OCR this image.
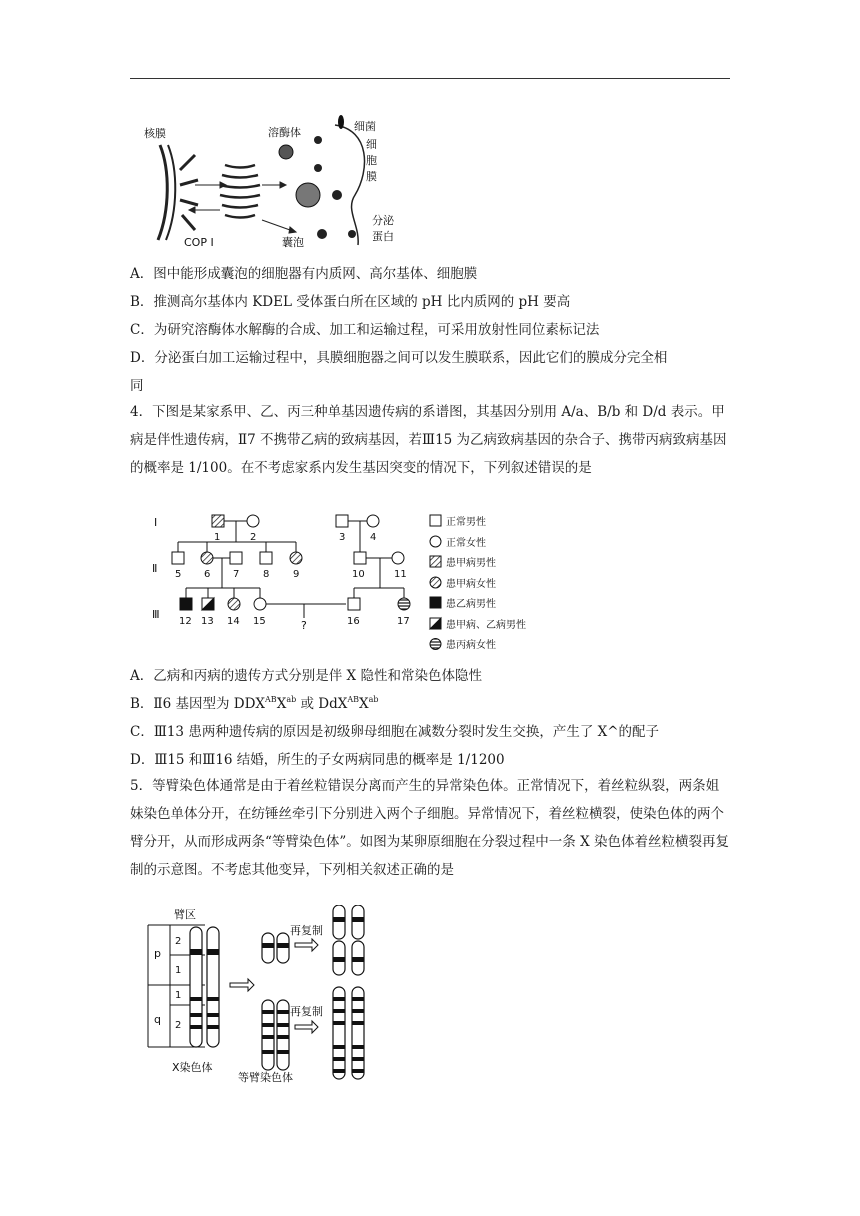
核膜	溶酶体	细菌
细
胞
膜
COP I	囊泡
分泌
蛋白
A．图中能形成囊泡的细胞器有内质网、高尔基体、细胞膜
B．推测高尔基体内 KDEL 受体蛋白所在区域的 pH 比内质网的 pH 要高
C．为研究溶酶体水解酶的合成、加工和运输过程，可采用放射性同位素标记法
D．分泌蛋白加工运输过程中，具膜细胞器之间可以发生膜联系，因此它们的膜成分完全相
同
4．下图是某家系甲、乙、丙三种单基因遗传病的系谱图，其基因分别用 A/a、B/b 和 D/d 表示。甲病是伴性遗传病，Ⅱ7 不携带乙病的致病基因，若Ⅲ15 为乙病致病基因的杂合子、携带丙病致病基因的概率是 1/100。在不考虑家系内发生基因突变的情况下，下列叙述错误的是
Ⅰ
Ⅱ
Ⅲ
1	2	3 4
5 6 7 8 9	10	11
12 13 14 15	16	17
?
正常男性
正常女性
患甲病男性
患甲病女性
患乙病男性
患甲病、乙病男性
患丙病女性
A．乙病和丙病的遗传方式分别是伴 X 隐性和常染色体隐性
B．Ⅱ6 基因型为 $DDX^{AB}X^{ab}$ 或 $DdX^{AB}X^{ab}$
C．Ⅲ13 患两种遗传病的原因是初级卵母细胞在减数分裂时发生交换，产生了 X^的配子
D．Ⅲ15 和Ⅲ16 结婚，所生的子女两病同患的概率是 1/1200
5．等臂染色体通常是由于着丝粒错误分离而产生的异常染色体。正常情况下，着丝粒纵裂，两条姐妹染色单体分开，在纺锤丝牵引下分别进入两个子细胞。异常情况下，着丝粒横裂，使染色体的两个臂分开，从而形成两条“等臂染色体”。如图为某卵原细胞在分裂过程中一条 X 染色体着丝粒横裂再复制的示意图。不考虑其他变异，下列相关叙述正确的是
臂区
p
q
2
1
1
2
X染色体
再复制
再复制
等臂染色体
